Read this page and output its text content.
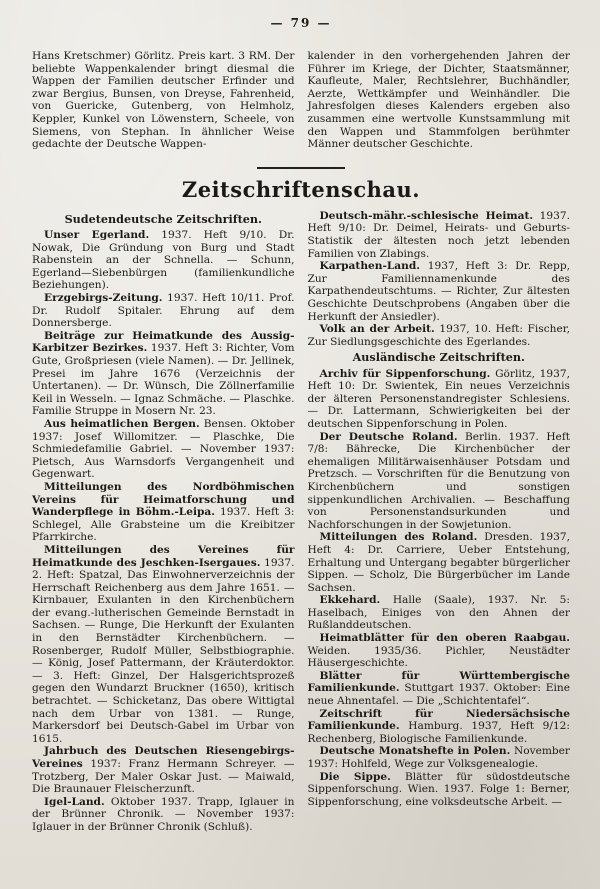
— 79 —

Hans Kretschmer) Görlitz. Preis kart. 3 RM. Der beliebte Wappenkalender bringt diesmal die Wappen der Familien deutscher Erfinder und zwar Bergius, Bunsen, von Dreyse, Fahrenheid, von Guericke, Gutenberg, von Helmholz, Keppler, Kunkel von Löwenstern, Scheele, von Siemens, von Stephan. In ähnlicher Weise gedachte der Deutsche Wappen-

kalender in den vorhergehenden Jahren der Führer im Kriege, der Dichter, Staatsmänner, Kaufleute, Maler, Rechtslehrer, Buchhändler, Aerzte, Wettkämpfer und Weinhändler. Die Jahresfolgen dieses Kalenders ergeben also zusammen eine wertvolle Kunstsammlung mit den Wappen und Stammfolgen berühmter Männer deutscher Geschichte.

Zeitschriftenschau.
Sudetendeutsche Zeitschriften.

Unser Egerland. 1937. Heft 9/10. Dr. Nowak, Die Gründung von Burg und Stadt Rabenstein an der Schnella. — Schunn, Egerland—Siebenbürgen (familienkundliche Beziehungen).

Erzgebirgs-Zeitung. 1937. Heft 10/11. Prof. Dr. Rudolf Spitaler. Ehrung auf dem Donnersberge.

Beiträge zur Heimatkunde des Aussig-Karbitzer Bezirkes. 1937. Heft 3: Richter, Vom Gute, Großpriesen (viele Namen). — Dr. Jellinek, Presei im Jahre 1676 (Verzeichnis der Untertanen). — Dr. Wünsch, Die Zöllnerfamilie Keil in Wesseln. — Ignaz Schmäche. — Plaschke. Familie Struppe in Mosern Nr. 23.

Aus heimatlichen Bergen. Bensen. Oktober 1937: Josef Willomitzer. — Plaschke, Die Schmiedefamilie Gabriel. — November 1937: Pietsch, Aus Warnsdorfs Vergangenheit und Gegenwart.

Mitteilungen des Nordböhmischen Vereins für Heimatforschung und Wanderpflege in Böhm.-Leipa. 1937. Heft 3: Schlegel, Alle Grabsteine um die Kreibitzer Pfarrkirche.

Mitteilungen des Vereines für Heimatkunde des Jeschken-Isergaues. 1937. 2. Heft: Spatzal, Das Einwohnerverzeichnis der Herrschaft Reichenberg aus dem Jahre 1651. — Kirnbauer, Exulanten in den Kirchenbüchern der evang.-lutherischen Gemeinde Bernstadt in Sachsen. — Runge, Die Herkunft der Exulanten in den Bernstädter Kirchenbüchern. — Rosenberger, Rudolf Müller, Selbstbiographie. — König, Josef Pattermann, der Kräuterdoktor. — 3. Heft: Ginzel, Der Halsgerichtsprozeß gegen den Wundarzt Bruckner (1650), kritisch betrachtet. — Schicketanz, Das obere Wittigtal nach dem Urbar von 1381. — Runge, Markersdorf bei Deutsch-Gabel im Urbar von 1615.

Jahrbuch des Deutschen Riesengebirgs-Vereines 1937: Franz Hermann Schreyer. — Trotzberg, Der Maler Oskar Just. — Maiwald, Die Braunauer Fleischerzunft.

Igel-Land. Oktober 1937. Trapp, Iglauer in der Brünner Chronik. — November 1937: Iglauer in der Brünner Chronik (Schluß).

Deutsch-mähr.-schlesische Heimat. 1937. Heft 9/10: Dr. Deimel, Heirats- und Geburts-Statistik der ältesten noch jetzt lebenden Familien von Zlabings.

Karpathen-Land. 1937, Heft 3: Dr. Repp, Zur Familiennamenkunde des Karpathendeutschtums. — Richter, Zur ältesten Geschichte Deutschprobens (Angaben über die Herkunft der Ansiedler).

Volk an der Arbeit. 1937, 10. Heft: Fischer, Zur Siedlungsgeschichte des Egerlandes.

Ausländische Zeitschriften.

Archiv für Sippenforschung. Görlitz, 1937, Heft 10: Dr. Swientek, Ein neues Verzeichnis der älteren Personenstandregister Schlesiens. — Dr. Lattermann, Schwierigkeiten bei der deutschen Sippenforschung in Polen.

Der Deutsche Roland. Berlin. 1937. Heft 7/8: Bährecke, Die Kirchenbücher der ehemaligen Militärwaisenhäuser Potsdam und Pretzsch. — Vorschriften für die Benutzung von Kirchenbüchern und sonstigen sippenkundlichen Archivalien. — Beschaffung von Personenstandsurkunden und Nachforschungen in der Sowjetunion.

Mitteilungen des Roland. Dresden. 1937, Heft 4: Dr. Carriere, Ueber Entstehung, Erhaltung und Untergang begabter bürgerlicher Sippen. — Scholz, Die Bürgerbücher im Lande Sachsen.

Ekkehard. Halle (Saale), 1937. Nr. 5: Haselbach, Einiges von den Ahnen der Rußlanddeutschen.

Heimatblätter für den oberen Raabgau. Weiden. 1935/36. Pichler, Neustädter Häusergeschichte.

Blätter für Württembergische Familienkunde. Stuttgart 1937. Oktober: Eine neue Ahnentafel. — Die „Schichtentafel“.

Zeitschrift für Niedersächsische Familienkunde. Hamburg. 1937, Heft 9/12: Rechenberg, Biologische Familienkunde.

Deutsche Monatshefte in Polen. November 1937: Hohlfeld, Wege zur Volksgenealogie.

Die Sippe. Blätter für südostdeutsche Sippenforschung. Wien. 1937. Folge 1: Berner, Sippenforschung, eine volksdeutsche Arbeit. —
